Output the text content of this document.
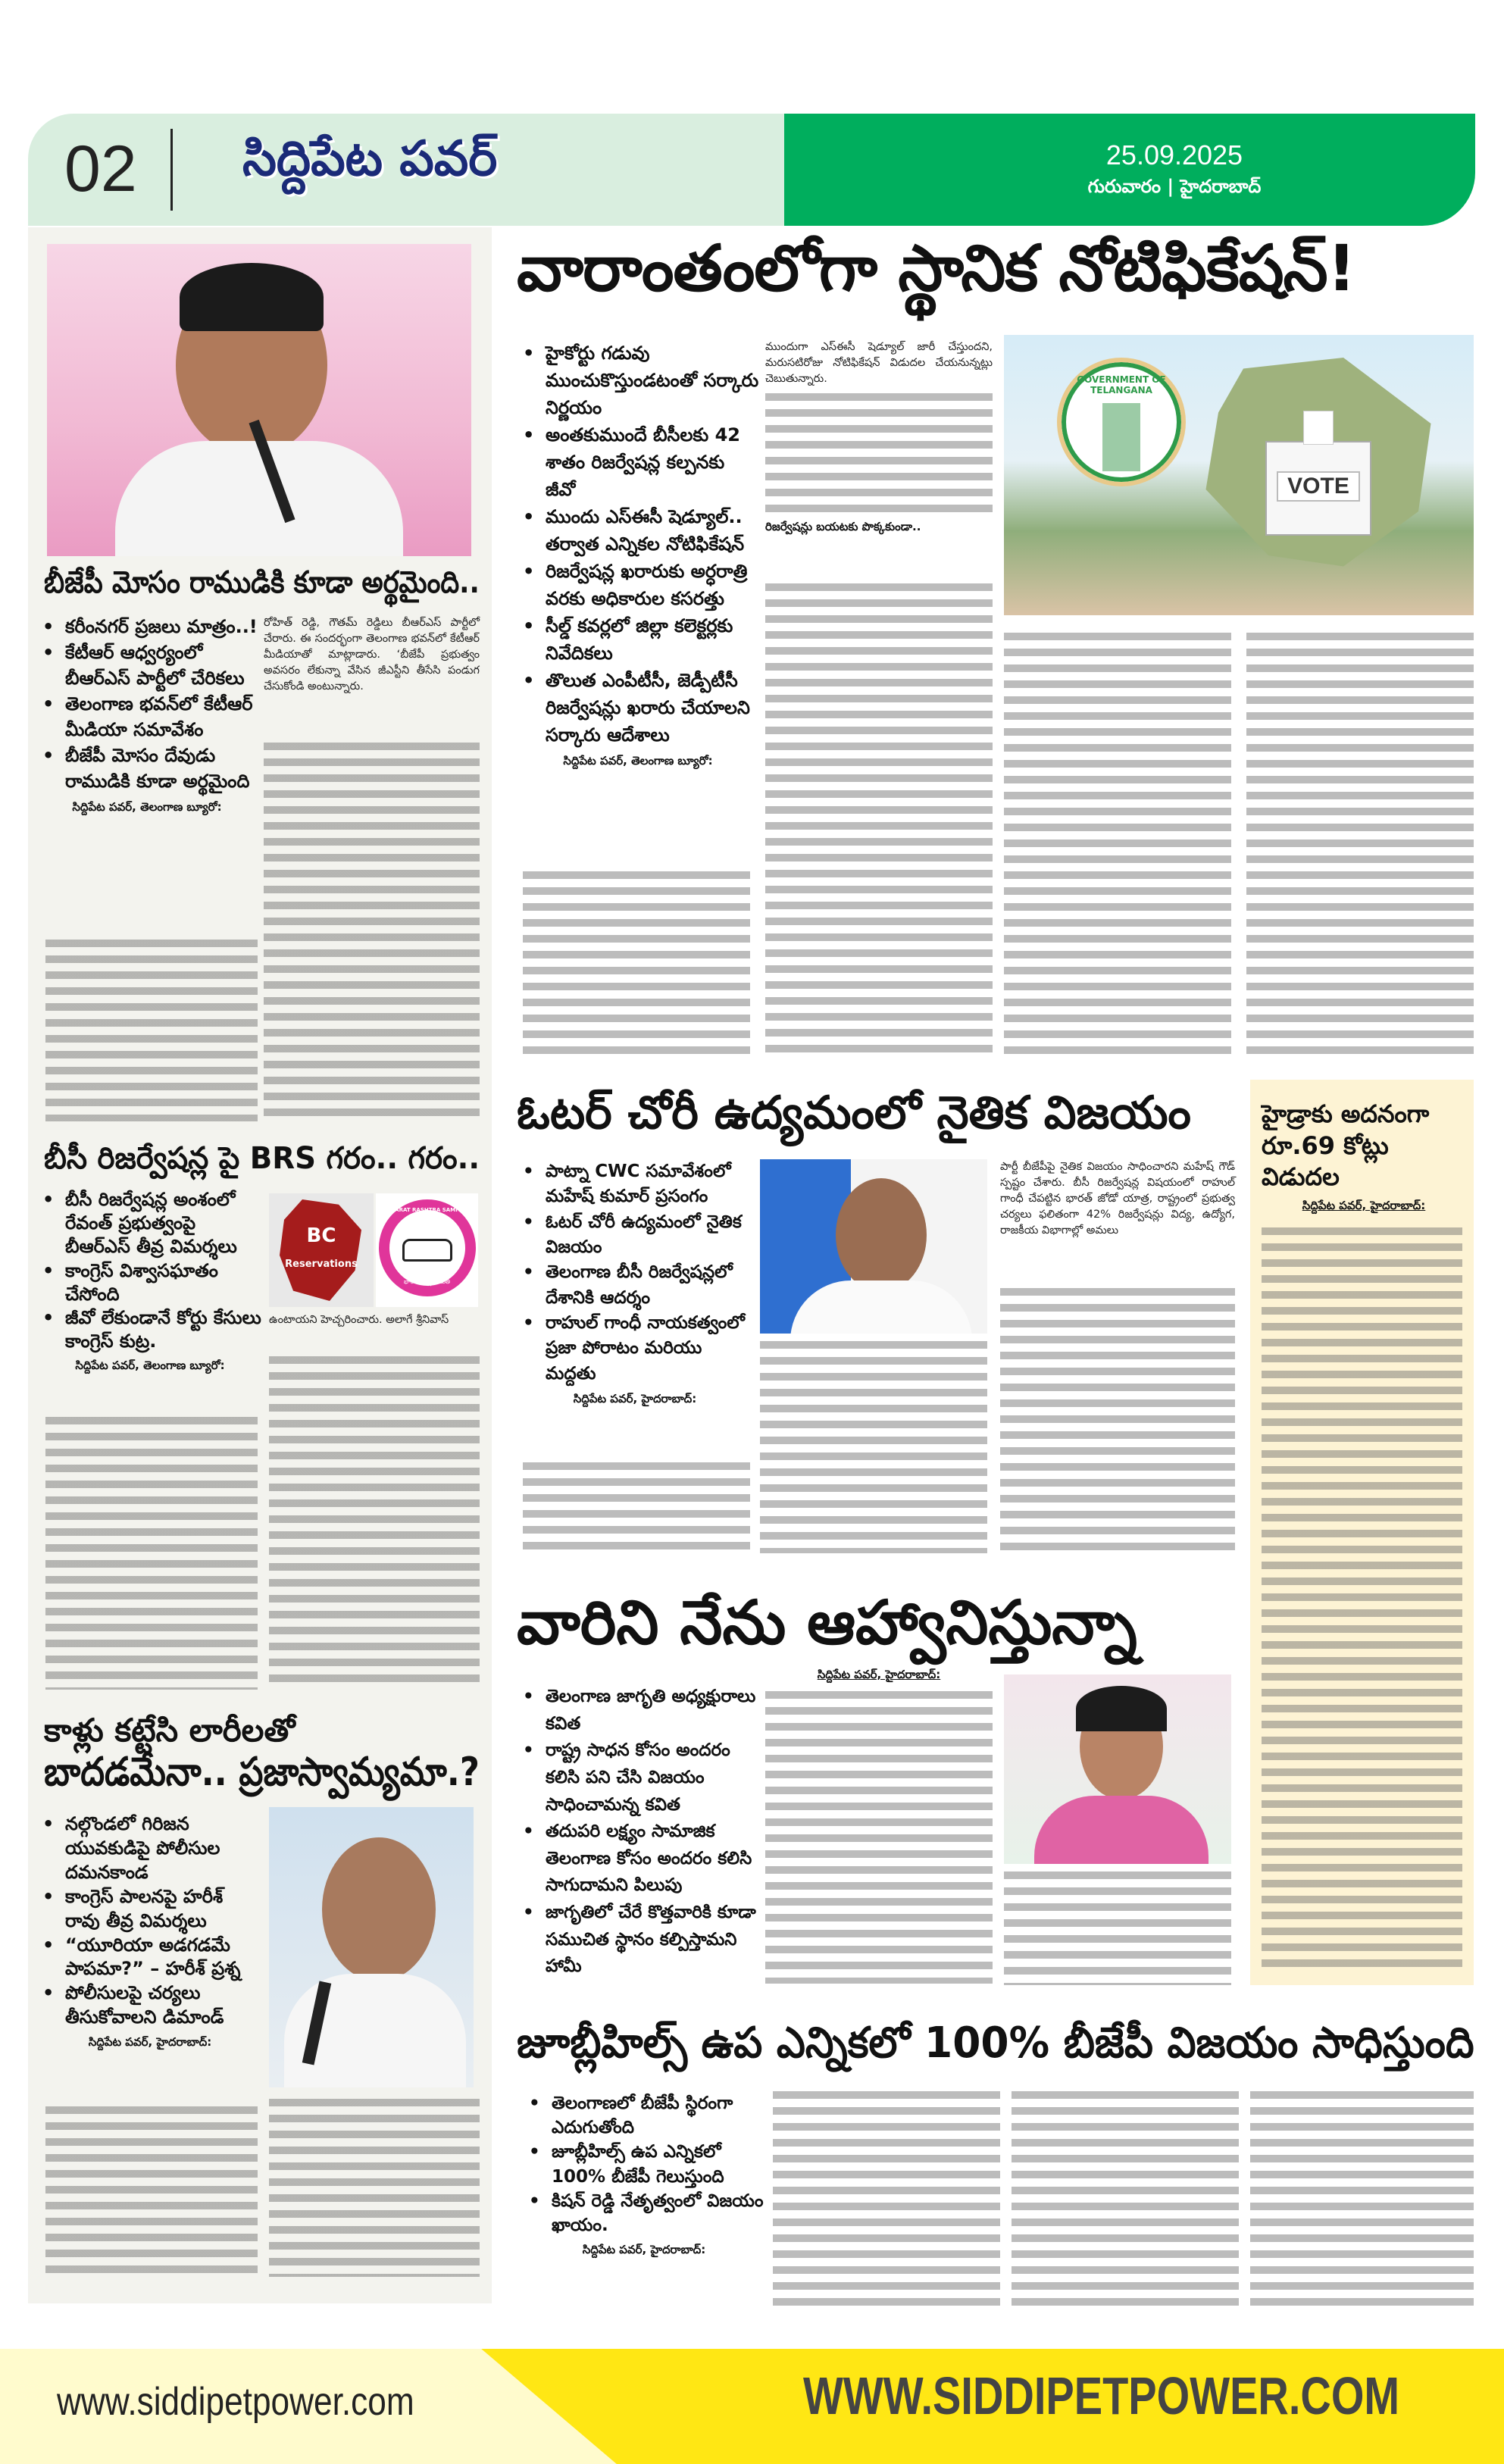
02 సిద్దిపేట పవర్	25.09.2025
గురువారం | హైదరాబాద్
బీజేపీ మోసం రాముడికి కూడా అర్థమైంది..
• కరీంనగర్ ప్రజలు మాత్రం..!
• కేటీఆర్ ఆధ్వర్యంలో బీఆర్ఎస్ పార్టీలో చేరికలు
• తెలంగాణ భవన్‌లో కేటీఆర్ మీడియా సమావేశం
• బీజేపీ మోసం దేవుడు రాముడికి కూడా అర్థమైంది
సిద్దిపేట పవర్, తెలంగాణ బ్యూరో:
రోహిత్ రెడ్డి, గౌతమ్ రెడ్డిలు బీఆర్ఎస్ పార్టీలో చేరారు. ఈ సందర్భంగా తెలంగాణ భవన్‌లో కేటీఆర్ మీడియాతో మాట్లాడారు. ‘బీజేపీ ప్రభుత్వం అవసరం లేకున్నా వేసిన జీఎస్టీని తీసేసి పండుగ చేసుకోండి అంటున్నారు.
బీసీ రిజర్వేషన్ల పై BRS గరం.. గరం..
• బీసీ రిజర్వేషన్ల అంశంలో రేవంత్ ప్రభుత్వంపై బీఆర్ఎస్ తీవ్ర విమర్శలు
• కాంగ్రెస్ విశ్వాసఘాతం చేసోంది
• జీవో లేకుండానే కోర్టు కేసులు కాంగ్రెస్ కుట్ర.
సిద్దిపేట పవర్, తెలంగాణ బ్యూరో:
BC
Reservations
BHARAT RASHTRA SAMITHI
భారత రాష్ట్ర సమితి
ఉంటాయని హెచ్చరించారు. అలాగే శ్రీనివాస్
కాళ్లు కట్టేసి లారీలతో
బాదడమేనా.. ప్రజాస్వామ్యమా.?
• నల్గొండలో గిరిజన యువకుడిపై పోలీసుల దమనకాండ
• కాంగ్రెస్ పాలనపై హరీశ్ రావు తీవ్ర విమర్శలు
• “యూరియా అడగడమే పాపమా?” – హరీశ్ ప్రశ్న
• పోలీసులపై చర్యలు తీసుకోవాలని డిమాండ్
సిద్దిపేట పవర్, హైదరాబాద్:
వారాంతంలోగా స్థానిక నోటిఫికేషన్!
• హైకోర్టు గడువు ముంచుకొస్తుండటంతో సర్కారు నిర్ణయం
• అంతకుముందే బీసీలకు 42 శాతం రిజర్వేషన్ల కల్పనకు జీవో
• ముందు ఎస్ఈసీ షెడ్యూల్.. తర్వాత ఎన్నికల నోటిఫికేషన్
• రిజర్వేషన్ల ఖరారుకు అర్ధరాత్రి వరకు అధికారుల కసరత్తు
• సీల్డ్ కవర్లలో జిల్లా కలెక్టర్లకు నివేదికలు
• తొలుత ఎంపీటీసీ, జెడ్పీటీసీ రిజర్వేషన్లు ఖరారు చేయాలని సర్కారు ఆదేశాలు
సిద్దిపేట పవర్, తెలంగాణ బ్యూరో:
ముందుగా ఎస్ఈసీ షెడ్యూల్ జారీ చేస్తుందని, మరుసటిరోజు నోటిఫికేషన్ విడుదల చేయనున్నట్లు చెబుతున్నారు.
రిజర్వేషన్లు బయటకు పొక్కకుండా..
GOVERNMENT OF TELANGANA
VOTE
ఓటర్ చోరీ ఉద్యమంలో నైతిక విజయం
• పాట్నా CWC సమావేశంలో మహేష్ కుమార్ ప్రసంగం
• ఓటర్ చోరీ ఉద్యమంలో నైతిక విజయం
• తెలంగాణ బీసీ రిజర్వేషన్లలో దేశానికి ఆదర్శం
• రాహుల్ గాంధీ నాయకత్వంలో ప్రజా పోరాటం మరియు మద్దతు
సిద్దిపేట పవర్, హైదరాబాద్:
పార్టీ బీజేపీపై నైతిక విజయం సాధించారని మహేష్ గౌడ్ స్పష్టం చేశారు. బీసీ రిజర్వేషన్ల విషయంలో రాహుల్ గాంధీ చేపట్టిన భారత్ జోడో యాత్ర, రాష్ట్రంలో ప్రభుత్వ చర్యలు ఫలితంగా 42% రిజర్వేషన్లు విద్య, ఉద్యోగ, రాజకీయ విభాగాల్లో అమలు
హైడ్రాకు అదనంగా రూ.69 కోట్లు విడుదల
సిద్దిపేట పవర్, హైదరాబాద్:
వారిని నేను ఆహ్వానిస్తున్నా
• తెలంగాణ జాగృతి అధ్యక్షురాలు కవిత
• రాష్ట్ర సాధన కోసం అందరం కలిసి పని చేసి విజయం సాధించామన్న కవిత
• తదుపరి లక్ష్యం సామాజిక తెలంగాణ కోసం అందరం కలిసి సాగుదామని పిలుపు
• జాగృతిలో చేరే కొత్తవారికి కూడా సముచిత స్థానం కల్పిస్తామని హామీ
సిద్దిపేట పవర్, హైదరాబాద్:
జూబ్లీహిల్స్ ఉప ఎన్నికలో 100% బీజేపీ విజయం సాధిస్తుంది
• తెలంగాణలో బీజేపీ స్థిరంగా ఎదుగుతోంది
• జూబ్లీహిల్స్ ఉప ఎన్నికలో 100% బీజేపీ గెలుస్తుంది
• కిషన్ రెడ్డి నేతృత్వంలో విజయం ఖాయం.
సిద్దిపేట పవర్, హైదరాబాద్:
www.siddipetpower.com	WWW.SIDDIPETPOWER.COM
